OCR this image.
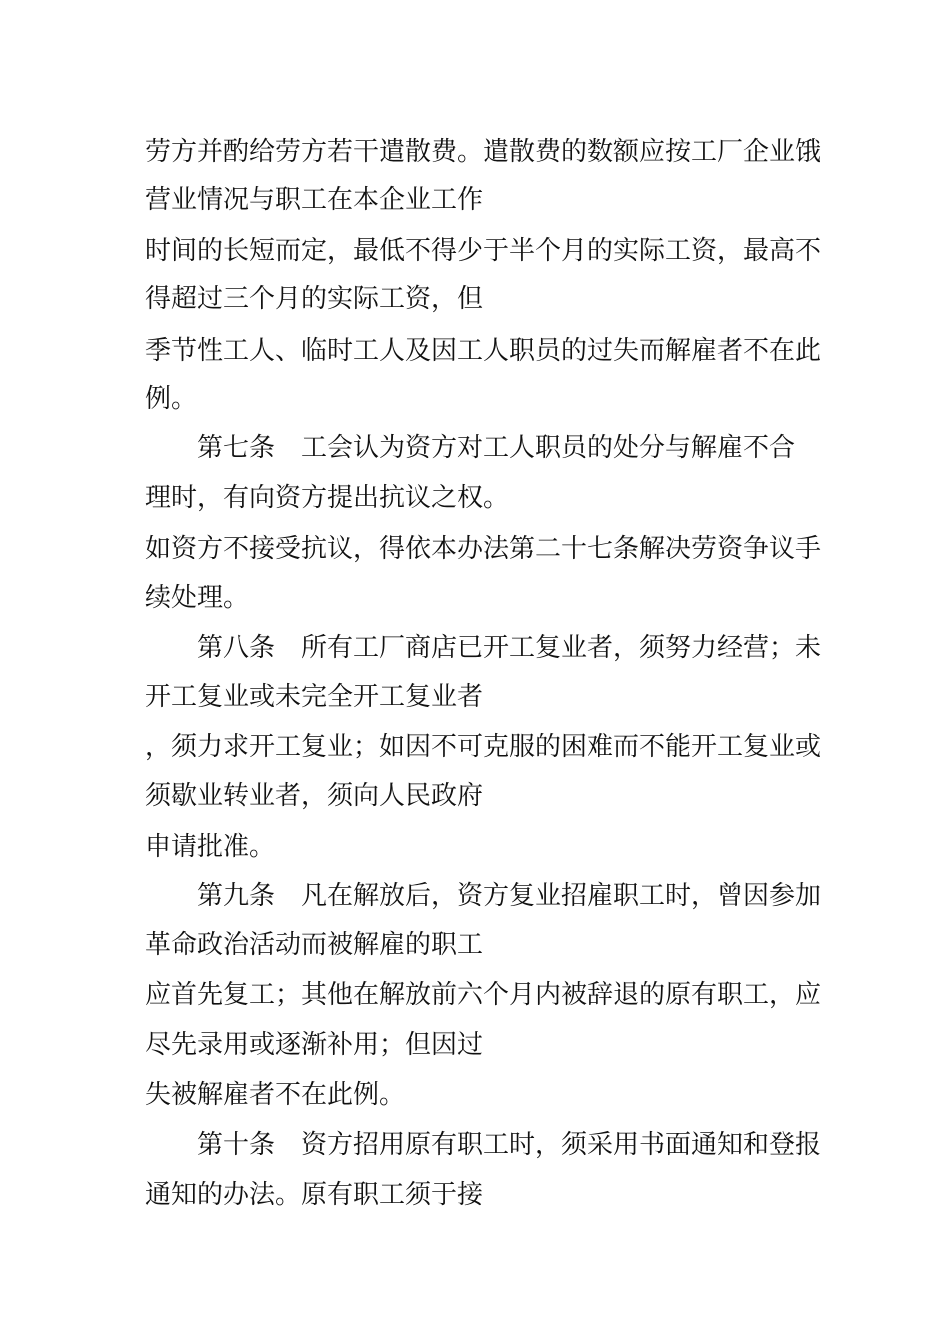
劳方并酌给劳方若干遣散费。遣散费的数额应按工厂企业饿
营业情况与职工在本企业工作
时间的长短而定，最低不得少于半个月的实际工资，最高不
得超过三个月的实际工资，但
季节性工人、临时工人及因工人职员的过失而解雇者不在此
例。
　　第七条　工会认为资方对工人职员的处分与解雇不合
理时，有向资方提出抗议之权。
如资方不接受抗议，得依本办法第二十七条解决劳资争议手
续处理。
　　第八条　所有工厂商店已开工复业者，须努力经营；未
开工复业或未完全开工复业者
，须力求开工复业；如因不可克服的困难而不能开工复业或
须歇业转业者，须向人民政府
申请批准。
　　第九条　凡在解放后，资方复业招雇职工时，曾因参加
革命政治活动而被解雇的职工
应首先复工；其他在解放前六个月内被辞退的原有职工，应
尽先录用或逐渐补用；但因过
失被解雇者不在此例。
　　第十条　资方招用原有职工时，须采用书面通知和登报
通知的办法。原有职工须于接
